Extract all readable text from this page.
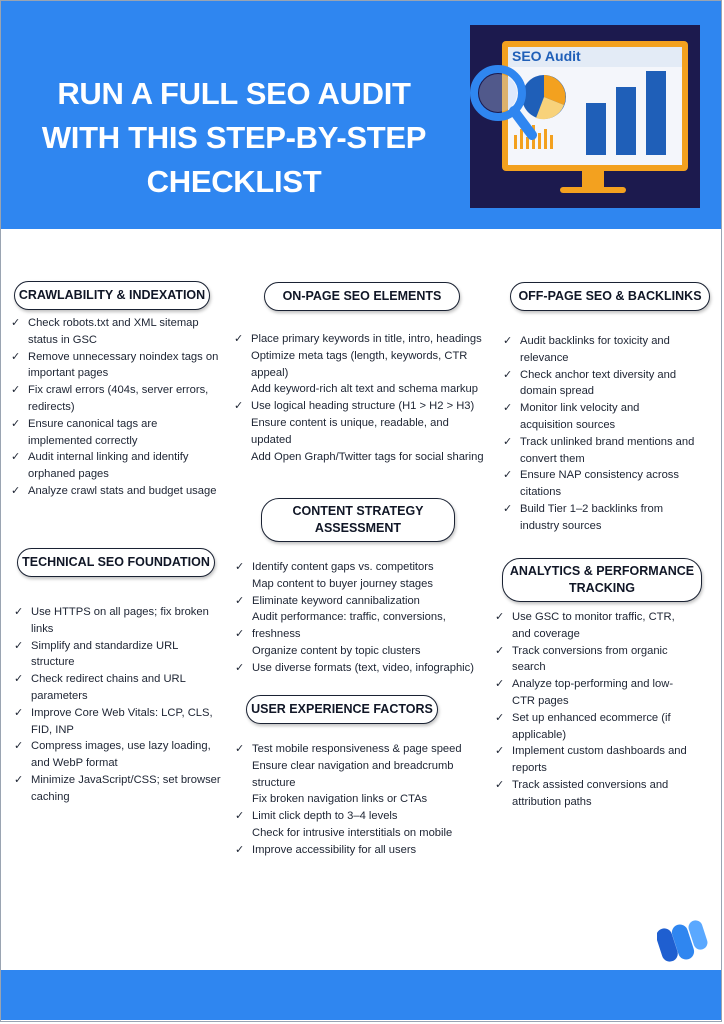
RUN A FULL SEO AUDIT
WITH THIS STEP-BY-STEP
CHECKLIST
SEO Audit
CRAWLABILITY & INDEXATION	ON-PAGE SEO ELEMENTS	OFF-PAGE SEO & BACKLINKS
TECHNICAL SEO FOUNDATION
CONTENT STRATEGY
ASSESSMENT
USER EXPERIENCE FACTORS
ANALYTICS & PERFORMANCE
TRACKING
✓ Check robots.txt and XML sitemap
status in GSC
✓ Remove unnecessary noindex tags on
important pages
✓ Fix crawl errors (404s, server errors,
redirects)
✓ Ensure canonical tags are
implemented correctly
✓ Audit internal linking and identify
orphaned pages
✓ Analyze crawl stats and budget usage
✓ Place primary keywords in title, intro, headings
Optimize meta tags (length, keywords, CTR
appeal)
Add keyword-rich alt text and schema markup
✓ Use logical heading structure (H1 > H2 > H3)
Ensure content is unique, readable, and
updated
Add Open Graph/Twitter tags for social sharing
✓ Audit backlinks for toxicity and
relevance
✓ Check anchor text diversity and
domain spread
✓ Monitor link velocity and
acquisition sources
✓ Track unlinked brand mentions and
convert them
✓ Ensure NAP consistency across
citations
✓ Build Tier 1–2 backlinks from
industry sources
✓ Use HTTPS on all pages; fix broken
links
✓ Simplify and standardize URL
structure
✓ Check redirect chains and URL
parameters
✓ Improve Core Web Vitals: LCP, CLS,
FID, INP
✓ Compress images, use lazy loading,
and WebP format
✓ Minimize JavaScript/CSS; set browser
caching
✓ Identify content gaps vs. competitors
Map content to buyer journey stages
✓ Eliminate keyword cannibalization
Audit performance: traffic, conversions,
✓ freshness
Organize content by topic clusters
✓ Use diverse formats (text, video, infographic)
✓ Test mobile responsiveness & page speed
Ensure clear navigation and breadcrumb
structure
Fix broken navigation links or CTAs
✓ Limit click depth to 3–4 levels
Check for intrusive interstitials on mobile
✓ Improve accessibility for all users
✓ Use GSC to monitor traffic, CTR,
and coverage
✓ Track conversions from organic
search
✓ Analyze top-performing and low-
CTR pages
✓ Set up enhanced ecommerce (if
applicable)
✓ Implement custom dashboards and
reports
✓ Track assisted conversions and
attribution paths
